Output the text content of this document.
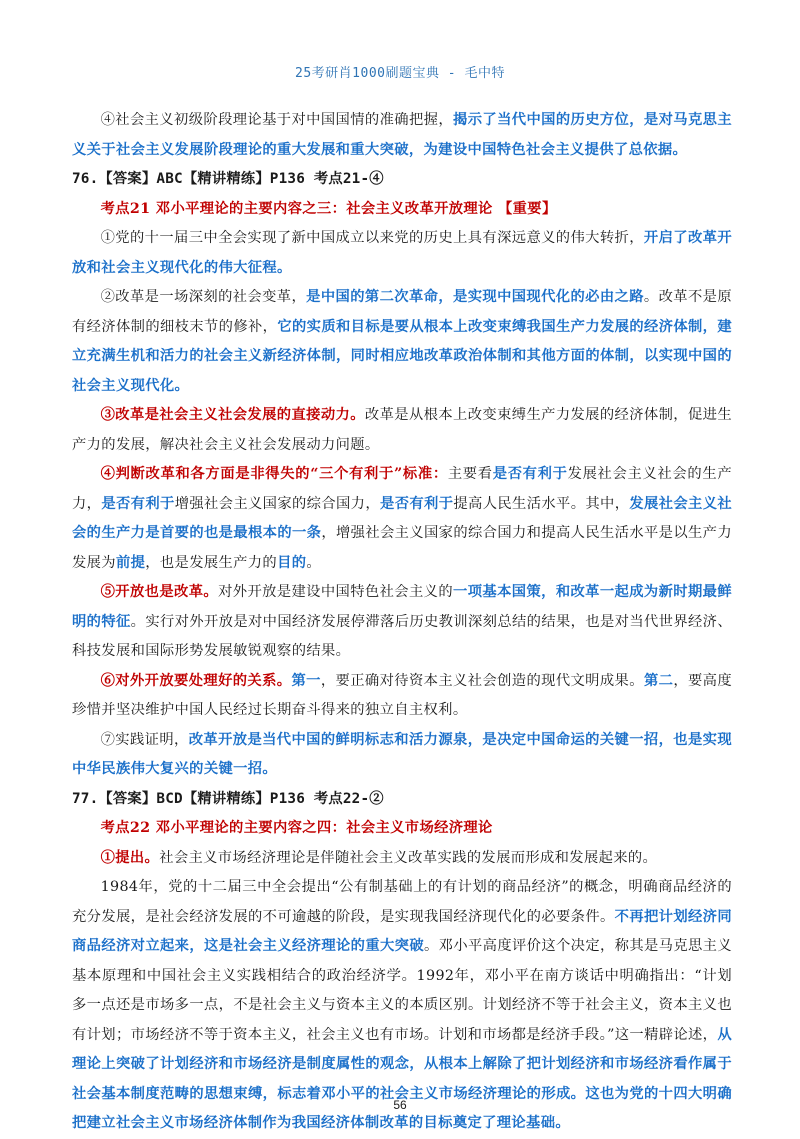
25考研肖1000刷题宝典 - 毛中特

④社会主义初级阶段理论基于对中国国情的准确把握，揭示了当代中国的历史方位，是对马克思主义关于社会主义发展阶段理论的重大发展和重大突破，为建设中国特色社会主义提供了总依据。

76.【答案】ABC【精讲精练】P136 考点21-④

考点21 邓小平理论的主要内容之三：社会主义改革开放理论 【重要】

①党的十一届三中全会实现了新中国成立以来党的历史上具有深远意义的伟大转折，开启了改革开放和社会主义现代化的伟大征程。

②改革是一场深刻的社会变革，是中国的第二次革命，是实现中国现代化的必由之路。改革不是原有经济体制的细枝末节的修补，它的实质和目标是要从根本上改变束缚我国生产力发展的经济体制，建立充满生机和活力的社会主义新经济体制，同时相应地改革政治体制和其他方面的体制，以实现中国的社会主义现代化。

③改革是社会主义社会发展的直接动力。改革是从根本上改变束缚生产力发展的经济体制，促进生产力的发展，解决社会主义社会发展动力问题。

④判断改革和各方面是非得失的“三个有利于”标准：主要看是否有利于发展社会主义社会的生产力，是否有利于增强社会主义国家的综合国力，是否有利于提高人民生活水平。其中，发展社会主义社会的生产力是首要的也是最根本的一条，增强社会主义国家的综合国力和提高人民生活水平是以生产力发展为前提，也是发展生产力的目的。

⑤开放也是改革。对外开放是建设中国特色社会主义的一项基本国策，和改革一起成为新时期最鲜明的特征。实行对外开放是对中国经济发展停滞落后历史教训深刻总结的结果，也是对当代世界经济、科技发展和国际形势发展敏锐观察的结果。

⑥对外开放要处理好的关系。第一，要正确对待资本主义社会创造的现代文明成果。第二，要高度珍惜并坚决维护中国人民经过长期奋斗得来的独立自主权利。

⑦实践证明，改革开放是当代中国的鲜明标志和活力源泉，是决定中国命运的关键一招，也是实现中华民族伟大复兴的关键一招。

77.【答案】BCD【精讲精练】P136 考点22-②

考点22 邓小平理论的主要内容之四：社会主义市场经济理论

①提出。社会主义市场经济理论是伴随社会主义改革实践的发展而形成和发展起来的。

1984年，党的十二届三中全会提出“公有制基础上的有计划的商品经济”的概念，明确商品经济的充分发展，是社会经济发展的不可逾越的阶段，是实现我国经济现代化的必要条件。不再把计划经济同商品经济对立起来，这是社会主义经济理论的重大突破。邓小平高度评价这个决定，称其是马克思主义基本原理和中国社会主义实践相结合的政治经济学。1992年，邓小平在南方谈话中明确指出：“计划多一点还是市场多一点，不是社会主义与资本主义的本质区别。计划经济不等于社会主义，资本主义也有计划；市场经济不等于资本主义，社会主义也有市场。计划和市场都是经济手段。”这一精辟论述，从理论上突破了计划经济和市场经济是制度属性的观念，从根本上解除了把计划经济和市场经济看作属于社会基本制度范畴的思想束缚，标志着邓小平的社会主义市场经济理论的形成。这也为党的十四大明确把建立社会主义市场经济体制作为我国经济体制改革的目标奠定了理论基础。

56
